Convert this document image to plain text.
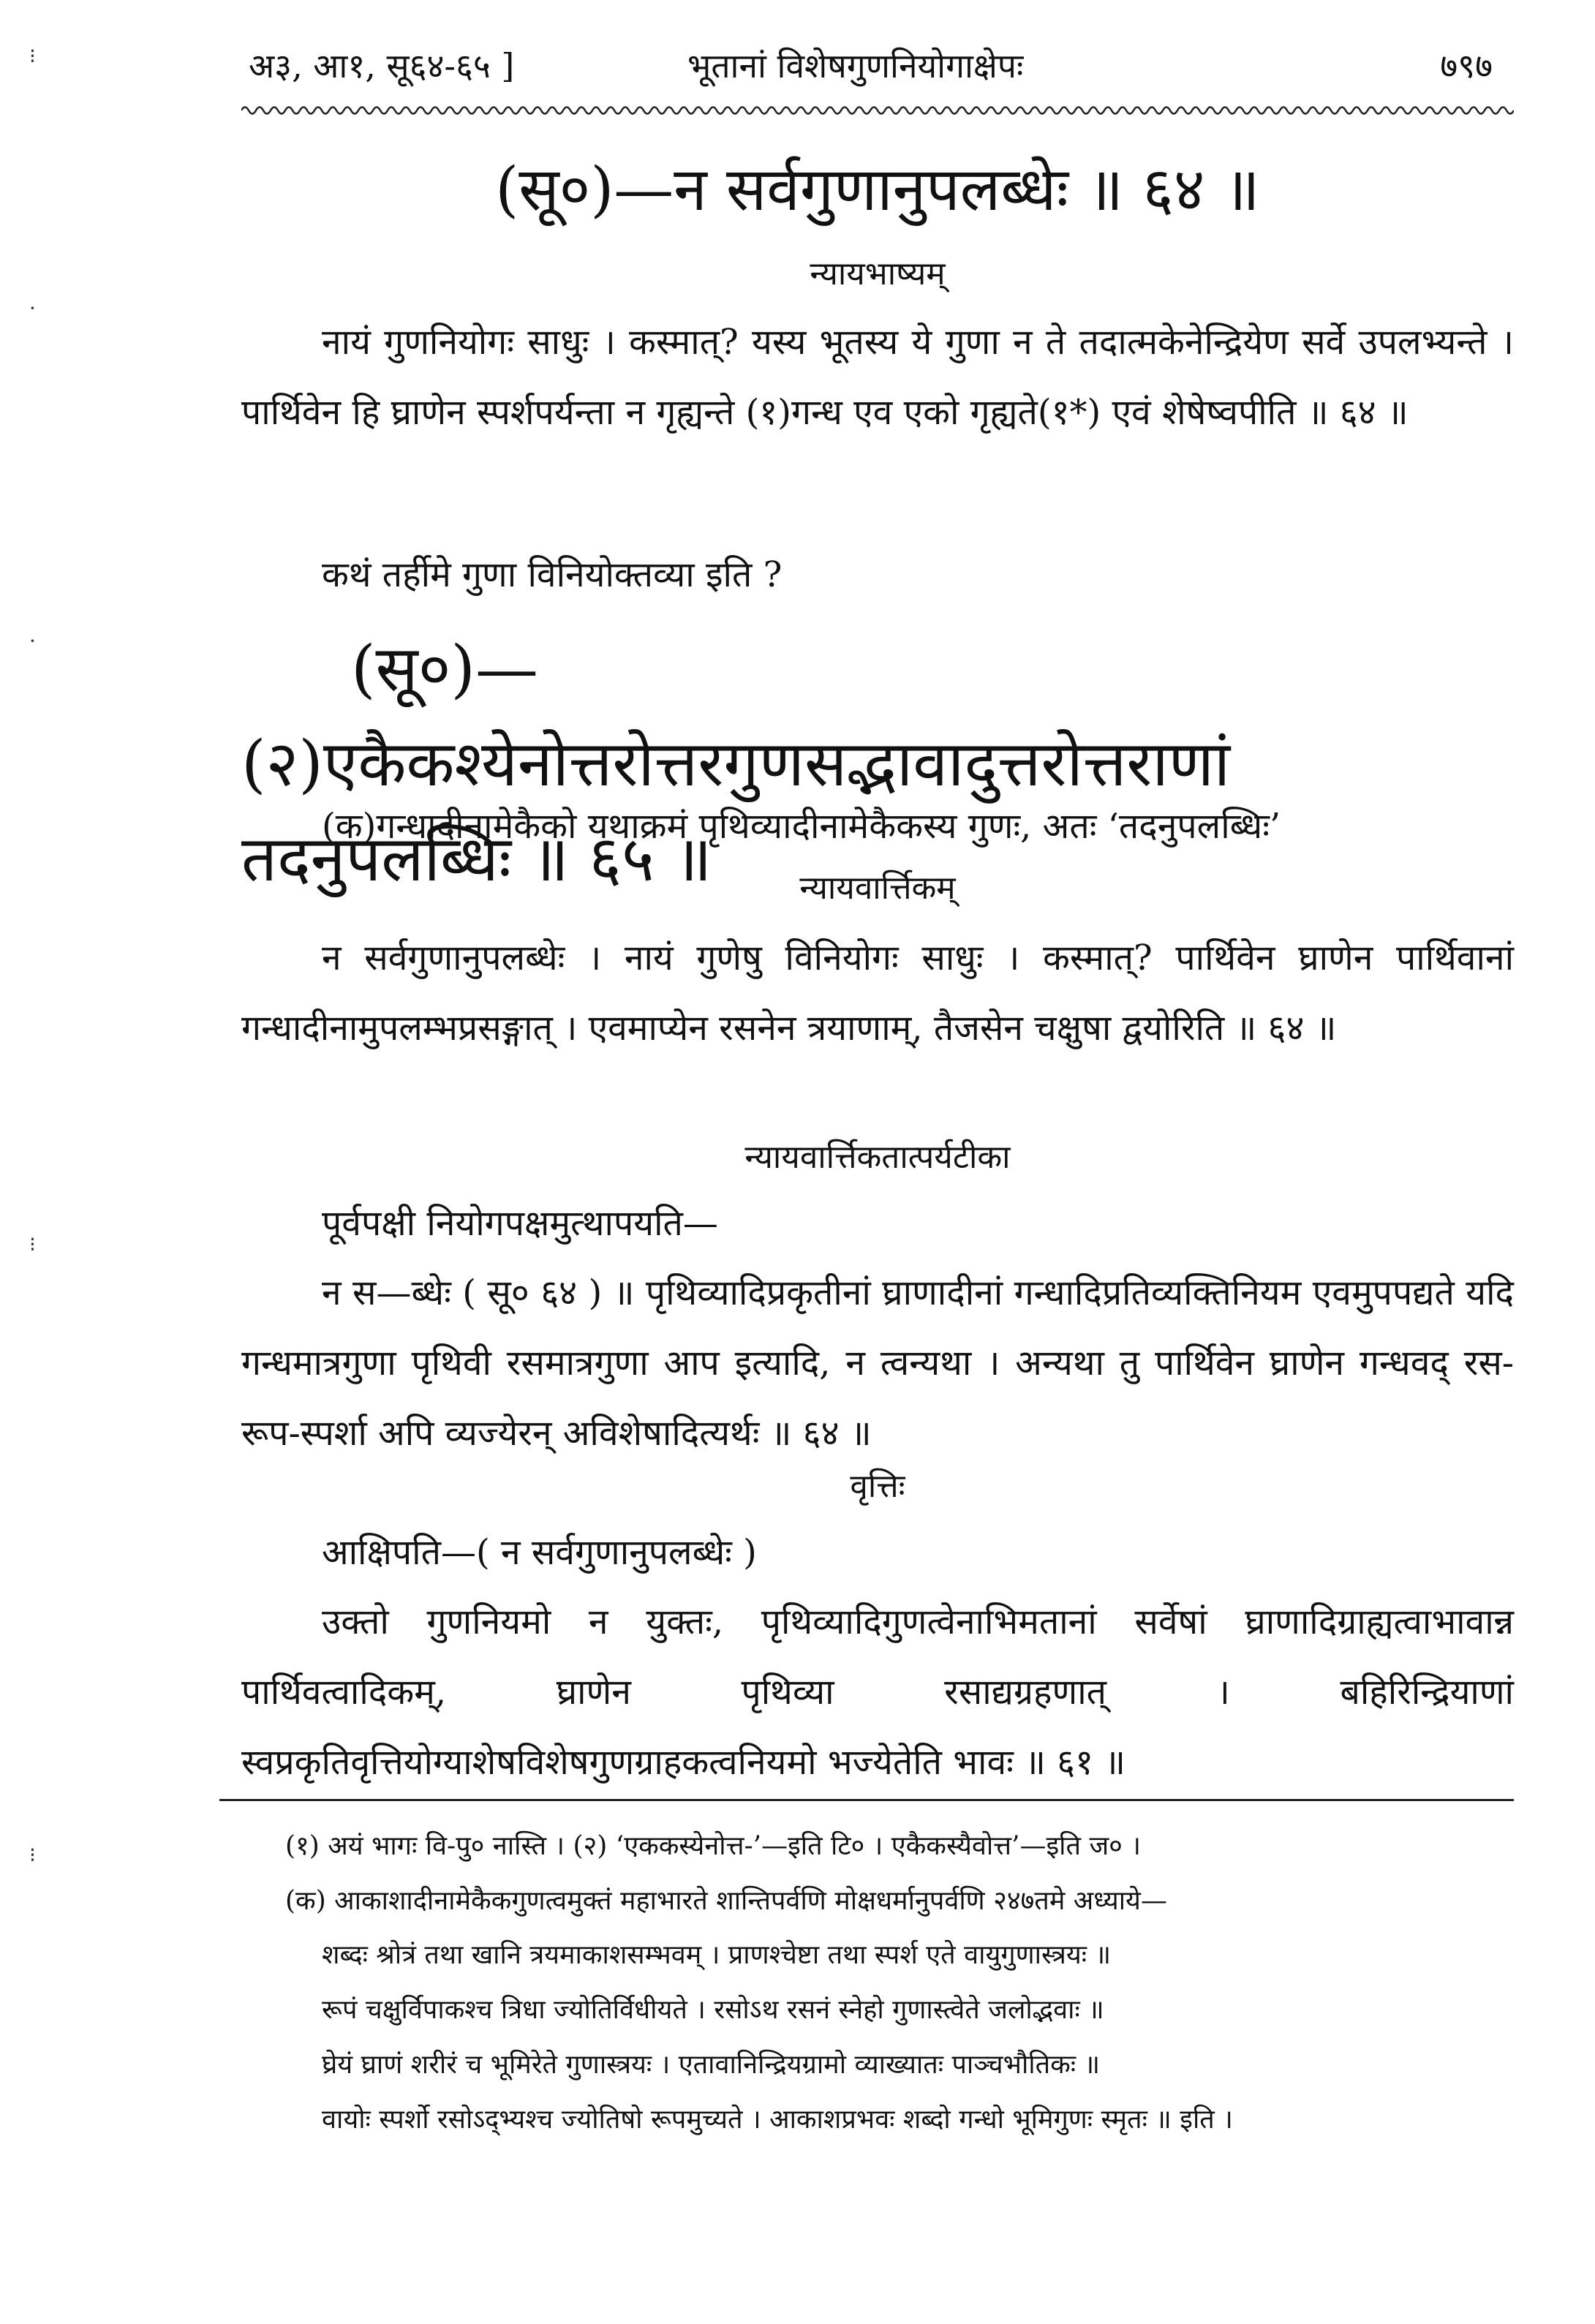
⁝
·
·
⁝
⁝
अ३, आ१, सू६४-६५ ]	भूतानां विशेषगुणनियोगाक्षेपः	७९७
(सू०)—न सर्वगुणानुपलब्धेः ॥ ६४ ॥
न्यायभाष्यम्
नायं गुणनियोगः साधुः । कस्मात्? यस्य भूतस्य ये गुणा न ते तदात्मकेनेन्द्रियेण सर्वे उपलभ्यन्ते । पार्थिवेन हि घ्राणेन स्पर्शपर्यन्ता न गृह्यन्ते (१)गन्ध एव एको गृह्यते(१*) एवं शेषेष्वपीति ॥ ६४ ॥
कथं तर्हीमे गुणा विनियोक्तव्या इति ?
(सू०)—(२)एकैकश्येनोत्तरोत्तरगुणसद्भावादुत्तरोत्तराणां तदनुपलब्धिः ॥ ६५ ॥
(क)गन्धादीनामेकैको यथाक्रमं पृथिव्यादीनामेकैकस्य गुणः, अतः ‘तदनुपलब्धिः’
न्यायवार्त्तिकम्
न सर्वगुणानुपलब्धेः । नायं गुणेषु विनियोगः साधुः । कस्मात्? पार्थिवेन घ्राणेन पार्थिवानां गन्धादीनामुपलम्भप्रसङ्गात् । एवमाप्येन रसनेन त्रयाणाम्, तैजसेन चक्षुषा द्वयोरिति ॥ ६४ ॥
न्यायवार्त्तिकतात्पर्यटीका
पूर्वपक्षी नियोगपक्षमुत्थापयति—
न स—ब्धेः ( सू० ६४ ) ॥ पृथिव्यादिप्रकृतीनां घ्राणादीनां गन्धादिप्रतिव्यक्तिनियम एवमुपपद्यते यदि गन्धमात्रगुणा पृथिवी रसमात्रगुणा आप इत्यादि, न त्वन्यथा । अन्यथा तु पार्थिवेन घ्राणेन गन्धवद् रस-रूप-स्पर्शा अपि व्यज्येरन् अविशेषादित्यर्थः ॥ ६४ ॥
वृत्तिः
आक्षिपति—( न सर्वगुणानुपलब्धेः )
उक्तो गुणनियमो न युक्तः, पृथिव्यादिगुणत्वेनाभिमतानां सर्वेषां घ्राणादिग्राह्यत्वाभावान्न पार्थिवत्वादिकम्, घ्राणेन पृथिव्या रसाद्यग्रहणात् । बहिरिन्द्रियाणां स्वप्रकृतिवृत्तियोग्याशेषविशेषगुणग्राहकत्वनियमो भज्येतेति भावः ॥ ६१ ॥
(१) अयं भागः वि-पु० नास्ति । (२) ‘एककस्येनोत्त-’—इति टि० । एकैकस्यैवोत्त’—इति ज० ।
(क) आकाशादीनामेकैकगुणत्वमुक्तं महाभारते शान्तिपर्वणि मोक्षधर्मानुपर्वणि २४७तमे अध्याये—
शब्दः श्रोत्रं तथा खानि त्रयमाकाशसम्भवम् । प्राणश्चेष्टा तथा स्पर्श एते वायुगुणास्त्रयः ॥
रूपं चक्षुर्विपाकश्च त्रिधा ज्योतिर्विधीयते । रसोऽथ रसनं स्नेहो गुणास्त्वेते जलोद्भवाः ॥
घ्रेयं घ्राणं शरीरं च भूमिरेते गुणास्त्रयः । एतावानिन्द्रियग्रामो व्याख्यातः पाञ्चभौतिकः ॥
वायोः स्पर्शो रसोऽद्भ्यश्च ज्योतिषो रूपमुच्यते । आकाशप्रभवः शब्दो गन्धो भूमिगुणः स्मृतः ॥ इति ।
